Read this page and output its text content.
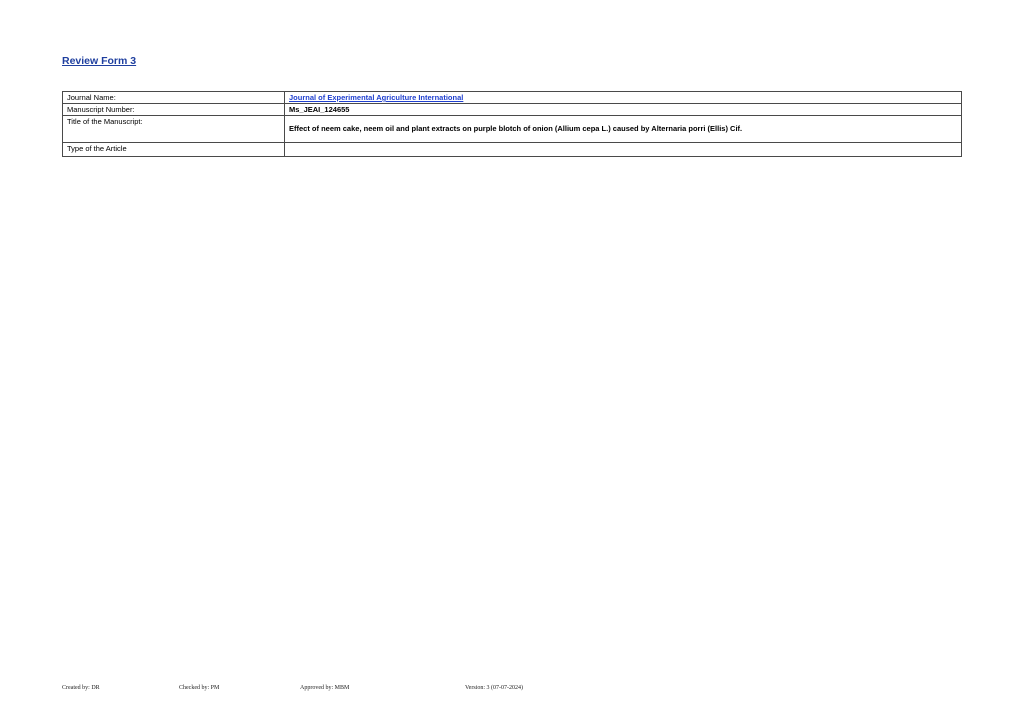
Review Form 3
Journal Name:	Journal of Experimental Agriculture International
Manuscript Number:	Ms_JEAI_124655
Title of the Manuscript:	Effect of neem cake, neem oil and plant extracts on purple blotch of onion (Allium cepa L.) caused by Alternaria porri (Ellis) Cif.

Type of the Article	
Created by: DR	Checked by: PM	Approved by: MBM	Version: 3 (07-07-2024)
